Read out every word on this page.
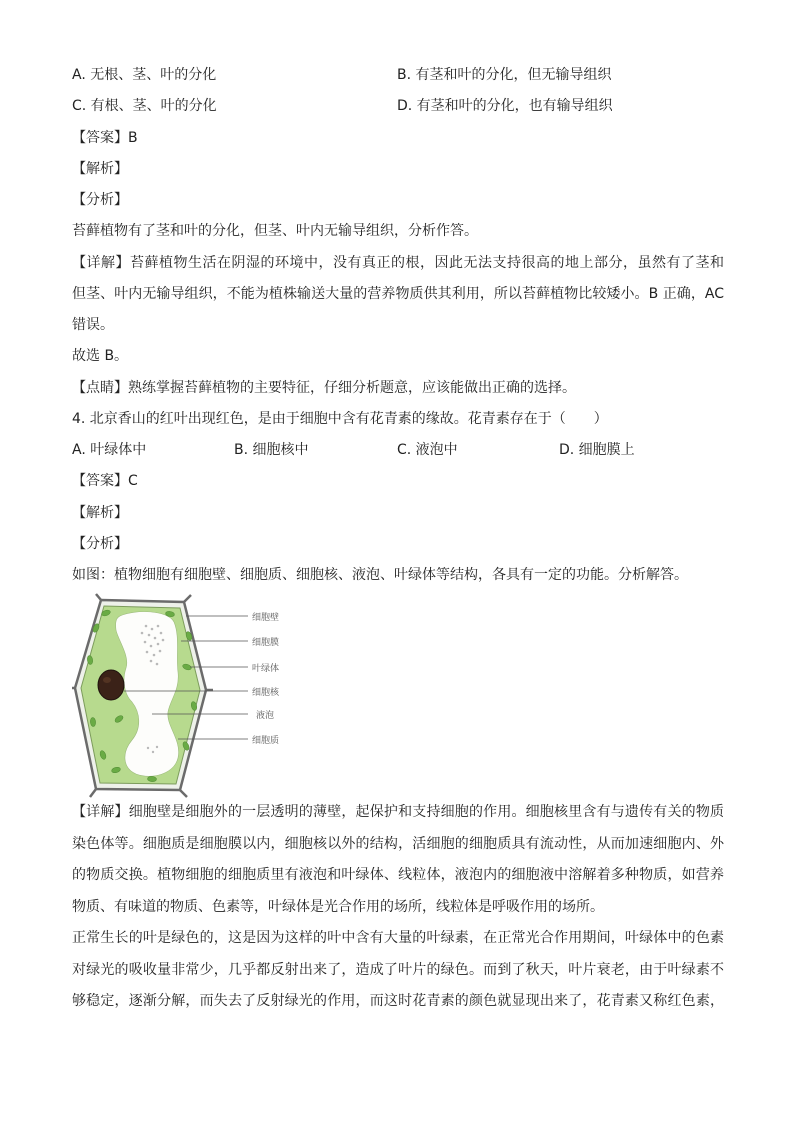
A. 无根、茎、叶的分化	B. 有茎和叶的分化，但无输导组织
C. 有根、茎、叶的分化	D. 有茎和叶的分化，也有输导组织
【答案】B
【解析】
【分析】
苔藓植物有了茎和叶的分化，但茎、叶内无输导组织，分析作答。
【详解】苔藓植物生活在阴湿的环境中，没有真正的根，因此无法支持很高的地上部分，虽然有了茎和
但茎、叶内无输导组织，不能为植株输送大量的营养物质供其利用，所以苔藓植物比较矮小。B 正确，AC
错误。
故选 B。
【点睛】熟练掌握苔藓植物的主要特征，仔细分析题意，应该能做出正确的选择。
4. 北京香山的红叶出现红色，是由于细胞中含有花青素的缘故。花青素存在于（　　）
A. 叶绿体中	B. 细胞核中	C. 液泡中	D. 细胞膜上
【答案】C
【解析】
【分析】
如图：植物细胞有细胞壁、细胞质、细胞核、液泡、叶绿体等结构，各具有一定的功能。分析解答。
细胞壁
细胞膜
叶绿体
细胞核
液泡
细胞质
【详解】细胞壁是细胞外的一层透明的薄壁，起保护和支持细胞的作用。细胞核里含有与遗传有关的物质
染色体等。细胞质是细胞膜以内，细胞核以外的结构，活细胞的细胞质具有流动性，从而加速细胞内、外
的物质交换。植物细胞的细胞质里有液泡和叶绿体、线粒体，液泡内的细胞液中溶解着多种物质，如营养
物质、有味道的物质、色素等，叶绿体是光合作用的场所，线粒体是呼吸作用的场所。
正常生长的叶是绿色的，这是因为这样的叶中含有大量的叶绿素，在正常光合作用期间，叶绿体中的色素
对绿光的吸收量非常少，几乎都反射出来了，造成了叶片的绿色。而到了秋天，叶片衰老，由于叶绿素不
够稳定，逐渐分解，而失去了反射绿光的作用，而这时花青素的颜色就显现出来了，花青素又称红色素，
